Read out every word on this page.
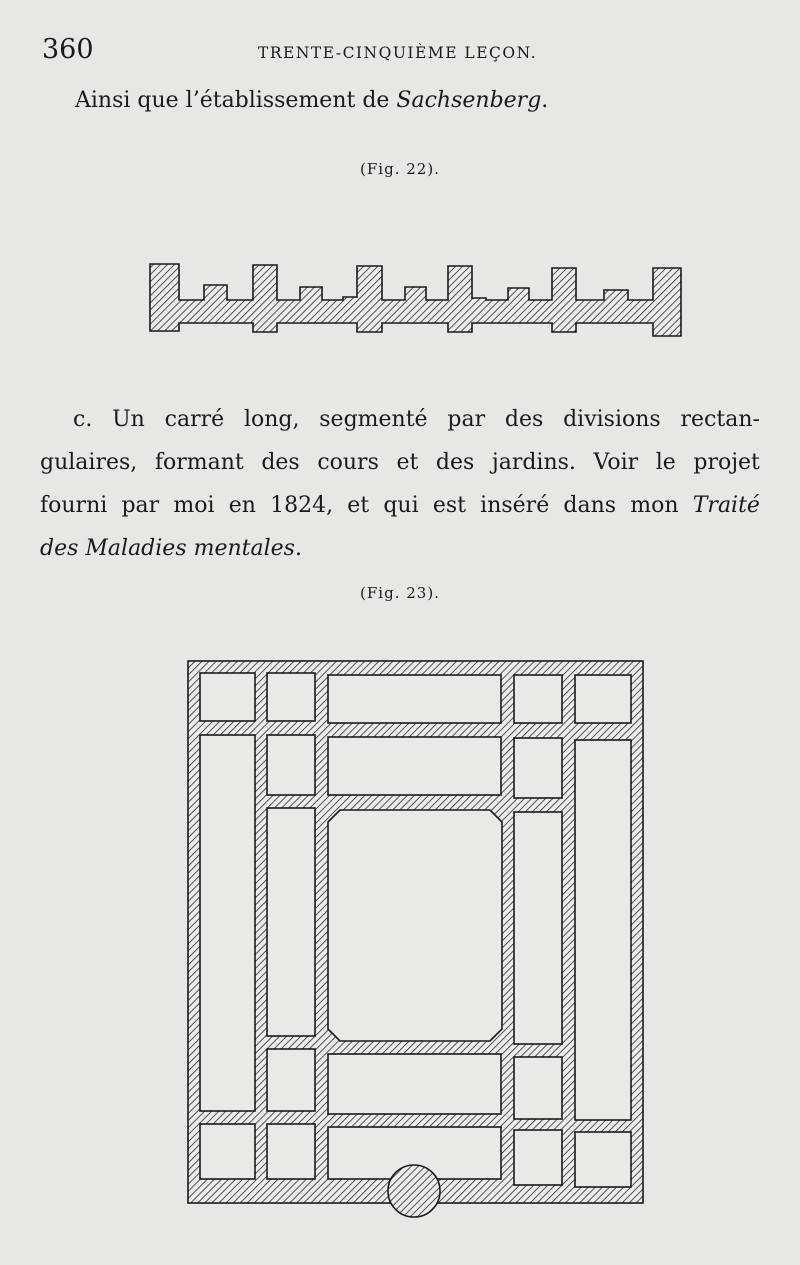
360	TRENTE-CINQUIÈME LEÇON.
Ainsi que l’établissement de Sachsenberg.
(Fig. 22).
c. Un carré long, segmenté par des divisions rectan-
gulaires, formant des cours et des jardins. Voir le projet
fourni par moi en 1824, et qui est inséré dans mon Traité
des Maladies mentales.
(Fig. 23).
